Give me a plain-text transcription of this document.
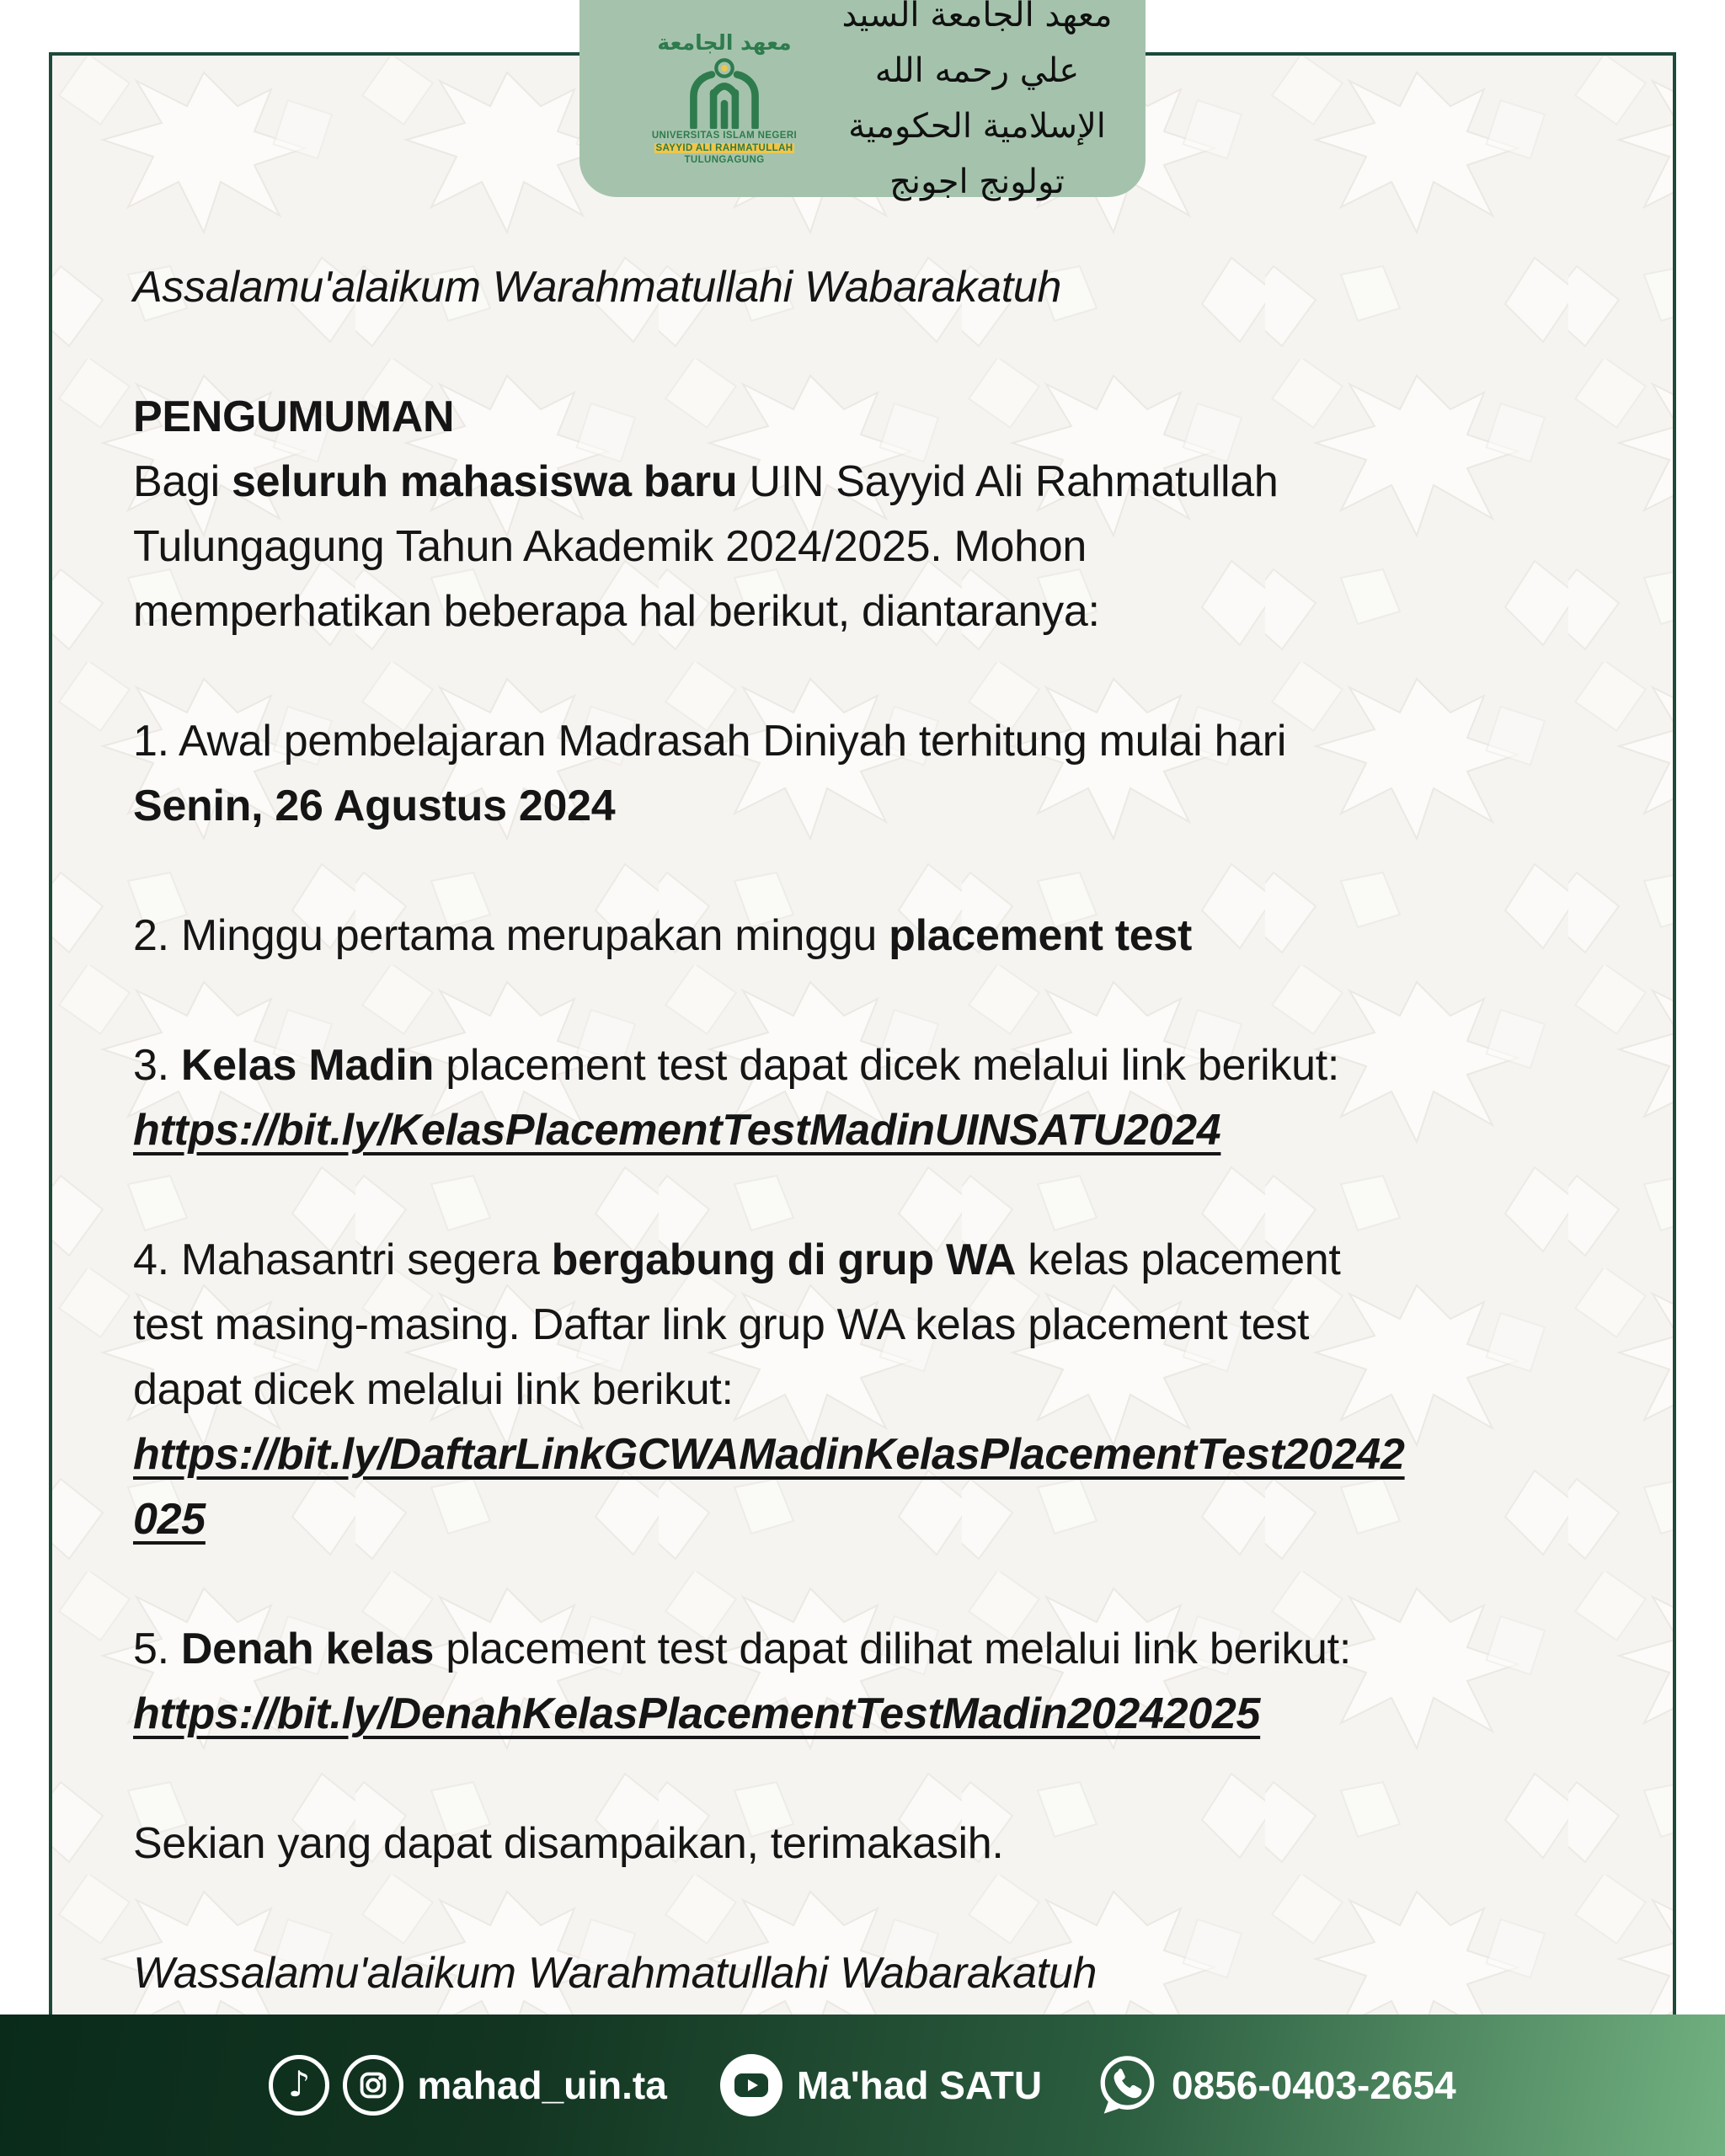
معهد الجامعة
UNIVERSITAS ISLAM NEGERI
SAYYID ALI RAHMATULLAH
TULUNGAGUNG
معهد الجامعة السيد علي رحمه الله
الإسلامية الحكومية تولونج اجونج
Assalamu'alaikum Warahmatullahi Wabarakatuh
PENGUMUMAN
Bagi seluruh mahasiswa baru UIN Sayyid Ali Rahmatullah
Tulungagung Tahun Akademik 2024/2025. Mohon
memperhatikan beberapa hal berikut, diantaranya:
1. Awal pembelajaran Madrasah Diniyah terhitung mulai hari
Senin, 26 Agustus 2024
2. Minggu pertama merupakan minggu placement test
3. Kelas Madin placement test dapat dicek melalui link berikut:
https://bit.ly/KelasPlacementTestMadinUINSATU2024
4. Mahasantri segera bergabung di grup WA kelas placement
test masing-masing. Daftar link grup WA kelas placement test
dapat dicek melalui link berikut:
https://bit.ly/DaftarLinkGCWAMadinKelasPlacementTest20242
025
5. Denah kelas placement test dapat dilihat melalui link berikut:
https://bit.ly/DenahKelasPlacementTestMadin20242025
Sekian yang dapat disampaikan, terimakasih.
Wassalamu'alaikum Warahmatullahi Wabarakatuh
♪	mahad_uin.ta	Ma'had SATU	0856-0403-2654
